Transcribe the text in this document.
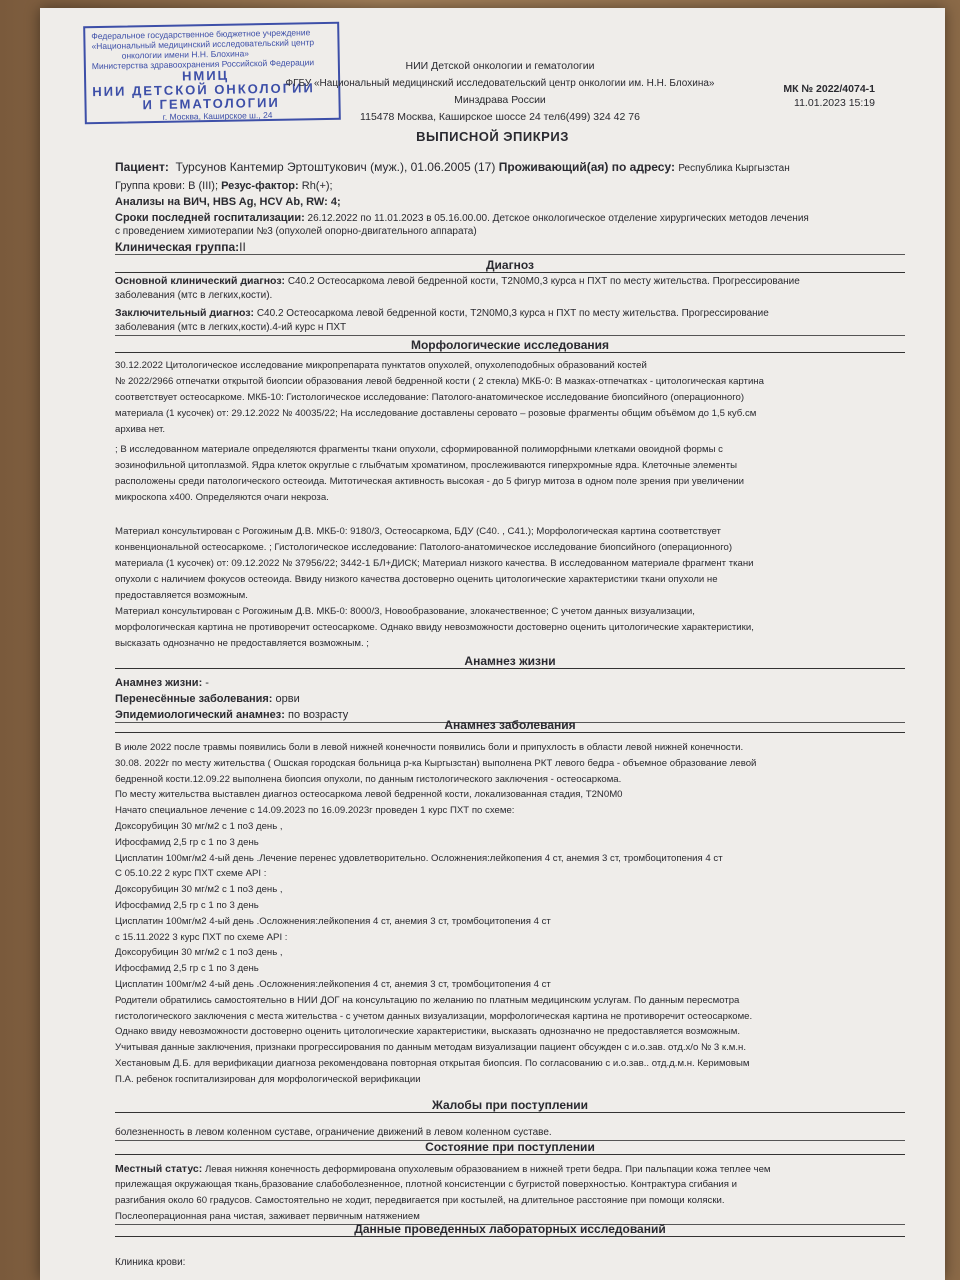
Федеральное государственное бюджетное учреждение
«Национальный медицинский исследовательский центр
онкологии имени Н.Н. Блохина»
Министерства здравоохранения Российской Федерации
НМИЦ
НИИ ДЕТСКОЙ ОНКОЛОГИИ
И ГЕМАТОЛОГИИ
г. Москва, Каширское ш., 24
НИИ Детской онкологии и гематологии
ФГБУ «Национальный медицинский исследовательский центр онкологии им. Н.Н. Блохина»
Минздрава России
115478 Москва, Каширское шоссе 24 тел6(499) 324 42 76
МК № 2022/4074-1
11.01.2023 15:19
ВЫПИСНОЙ ЭПИКРИЗ
Пациент: Турсунов Кантемир Эртоштукович (муж.), 01.06.2005 (17) Проживающий(ая) по адресу: Республика Кыргызстан
Группа крови: B (III); Резус-фактор: Rh(+);
Анализы на ВИЧ, HBS Ag, HCV Ab, RW: 4;
Сроки последней госпитализации: 26.12.2022 по 11.01.2023 в 05.16.00.00. Детское онкологическое отделение хирургических методов лечения
с проведением химиотерапии №3 (опухолей опорно-двигательного аппарата)
Клиническая группа:II
Диагноз
Основной клинический диагноз: C40.2 Остеосаркома левой бедренной кости, T2N0M0,3 курса н ПХТ по месту жительства. Прогрессирование
заболевания (мтс в легких,кости).
Заключительный диагноз: C40.2 Остеосаркома левой бедренной кости, T2N0M0,3 курса н ПХТ по месту жительства. Прогрессирование
заболевания (мтс в легких,кости).4-ий курс н ПХТ
Морфологические исследования
30.12.2022 Цитологическое исследование микропрепарата пунктатов опухолей, опухолеподобных образований костей
№ 2022/2966 отпечатки открытой биопсии образования левой бедренной кости ( 2 стекла) МКБ-0: В мазках-отпечатках - цитологическая картина
соответствует остеосаркоме. МКБ-10: Гистологическое исследование: Патолого-анатомическое исследование биопсийного (операционного)
материала (1 кусочек) от: 29.12.2022 № 40035/22; На исследование доставлены серовато – розовые фрагменты общим объёмом до 1,5 куб.см
архива нет.
; В исследованном материале определяются фрагменты ткани опухоли, сформированной полиморфными клетками овоидной формы с
эозинофильной цитоплазмой. Ядра клеток округлые с глыбчатым хроматином, прослеживаются гиперхромные ядра. Клеточные элементы
расположены среди патологического остеоида. Митотическая активность высокая - до 5 фигур митоза в одном поле зрения при увеличении
микроскопа х400. Определяются очаги некроза.
Материал консультирован с Рогожиным Д.В. МКБ-0: 9180/3, Остеосаркома, БДУ (C40. , C41.); Морфологическая картина соответствует
конвенциональной остеосаркоме. ; Гистологическое исследование: Патолого-анатомическое исследование биопсийного (операционного)
материала (1 кусочек) от: 09.12.2022 № 37956/22; 3442-1 БЛ+ДИСК; Материал низкого качества. В исследованном материале фрагмент ткани
опухоли с наличием фокусов остеоида. Ввиду низкого качества достоверно оценить цитологические характеристики ткани опухоли не
предоставляется возможным.
Материал консультирован с Рогожиным Д.В. МКБ-0: 8000/3, Новообразование, злокачественное; С учетом данных визуализации,
морфологическая картина не противоречит остеосаркоме. Однако ввиду невозможности достоверно оценить цитологические характеристики,
высказать однозначно не предоставляется возможным. ;
Анамнез жизни
Анамнез жизни: -
Перенесённые заболевания: орви
Эпидемиологический анамнез: по возрасту
Анамнез заболевания
В июле 2022 после травмы появились боли в левой нижней конечности появились боли и припухлость в области левой нижней конечности.
30.08. 2022г по месту жительства ( Ошская городская больница р-ка Кыргызстан) выполнена РКТ левого бедра - объемное образование левой
бедренной кости.12.09.22 выполнена биопсия опухоли, по данным гистологического заключения - остеосаркома.
По месту жительства выставлен диагноз остеосаркома левой бедренной кости, локализованная стадия, T2N0M0
Начато специальное лечение с 14.09.2023 по 16.09.2023г проведен 1 курс ПХТ по схеме:
Доксорубицин 30 мг/м2 с 1 по3 день ,
Ифосфамид 2,5 гр с 1 по 3 день
Цисплатин 100мг/м2 4-ый день .Лечение перенес удовлетворительно. Осложнения:лейкопения 4 ст, анемия 3 ст, тромбоцитопения 4 ст
С 05.10.22 2 курс ПХТ схеме API :
Доксорубицин 30 мг/м2 с 1 по3 день ,
Ифосфамид 2,5 гр с 1 по 3 день
Цисплатин 100мг/м2 4-ый день .Осложнения:лейкопения 4 ст, анемия 3 ст, тромбоцитопения 4 ст
с 15.11.2022 3 курс ПХТ по схеме API :
Доксорубицин 30 мг/м2 с 1 по3 день ,
Ифосфамид 2,5 гр с 1 по 3 день
Цисплатин 100мг/м2 4-ый день .Осложнения:лейкопения 4 ст, анемия 3 ст, тромбоцитопения 4 ст
Родители обратились самостоятельно в НИИ ДОГ на консультацию по желанию по платным медицинским услугам. По данным пересмотра
гистологического заключения с места жительства - с учетом данных визуализации, морфологическая картина не противоречит остеосаркоме.
Однако ввиду невозможности достоверно оценить цитологические характеристики, высказать однозначно не предоставляется возможным.
Учитывая данные заключения, признаки прогрессирования по данным методам визуализации пациент обсужден с и.о.зав. отд.х/о № 3 к.м.н.
Хестановым Д.Б. для верификации диагноза рекомендована повторная открытая биопсия. По согласованию с и.о.зав.. отд.д.м.н. Керимовым
П.А. ребенок госпитализирован для морфологической верификации
Жалобы при поступлении
болезненность в левом коленном суставе, ограничение движений в левом коленном суставе.
Состояние при поступлении
Местный статус: Левая нижняя конечность деформирована опухолевым образованием в нижней трети бедра. При пальпации кожа теплее чем
прилежащая окружающая ткань,бразование слабоболезненное, плотной консистенции с бугристой поверхностью. Контрактура сгибания и
разгибания около 60 градусов. Самостоятельно не ходит, передвигается при костылей, на длительное расстояние при помощи коляски.
Послеоперационная рана чистая, заживает первичным натяжением
Данные проведенных лабораторных исследований
Клиника крови:
